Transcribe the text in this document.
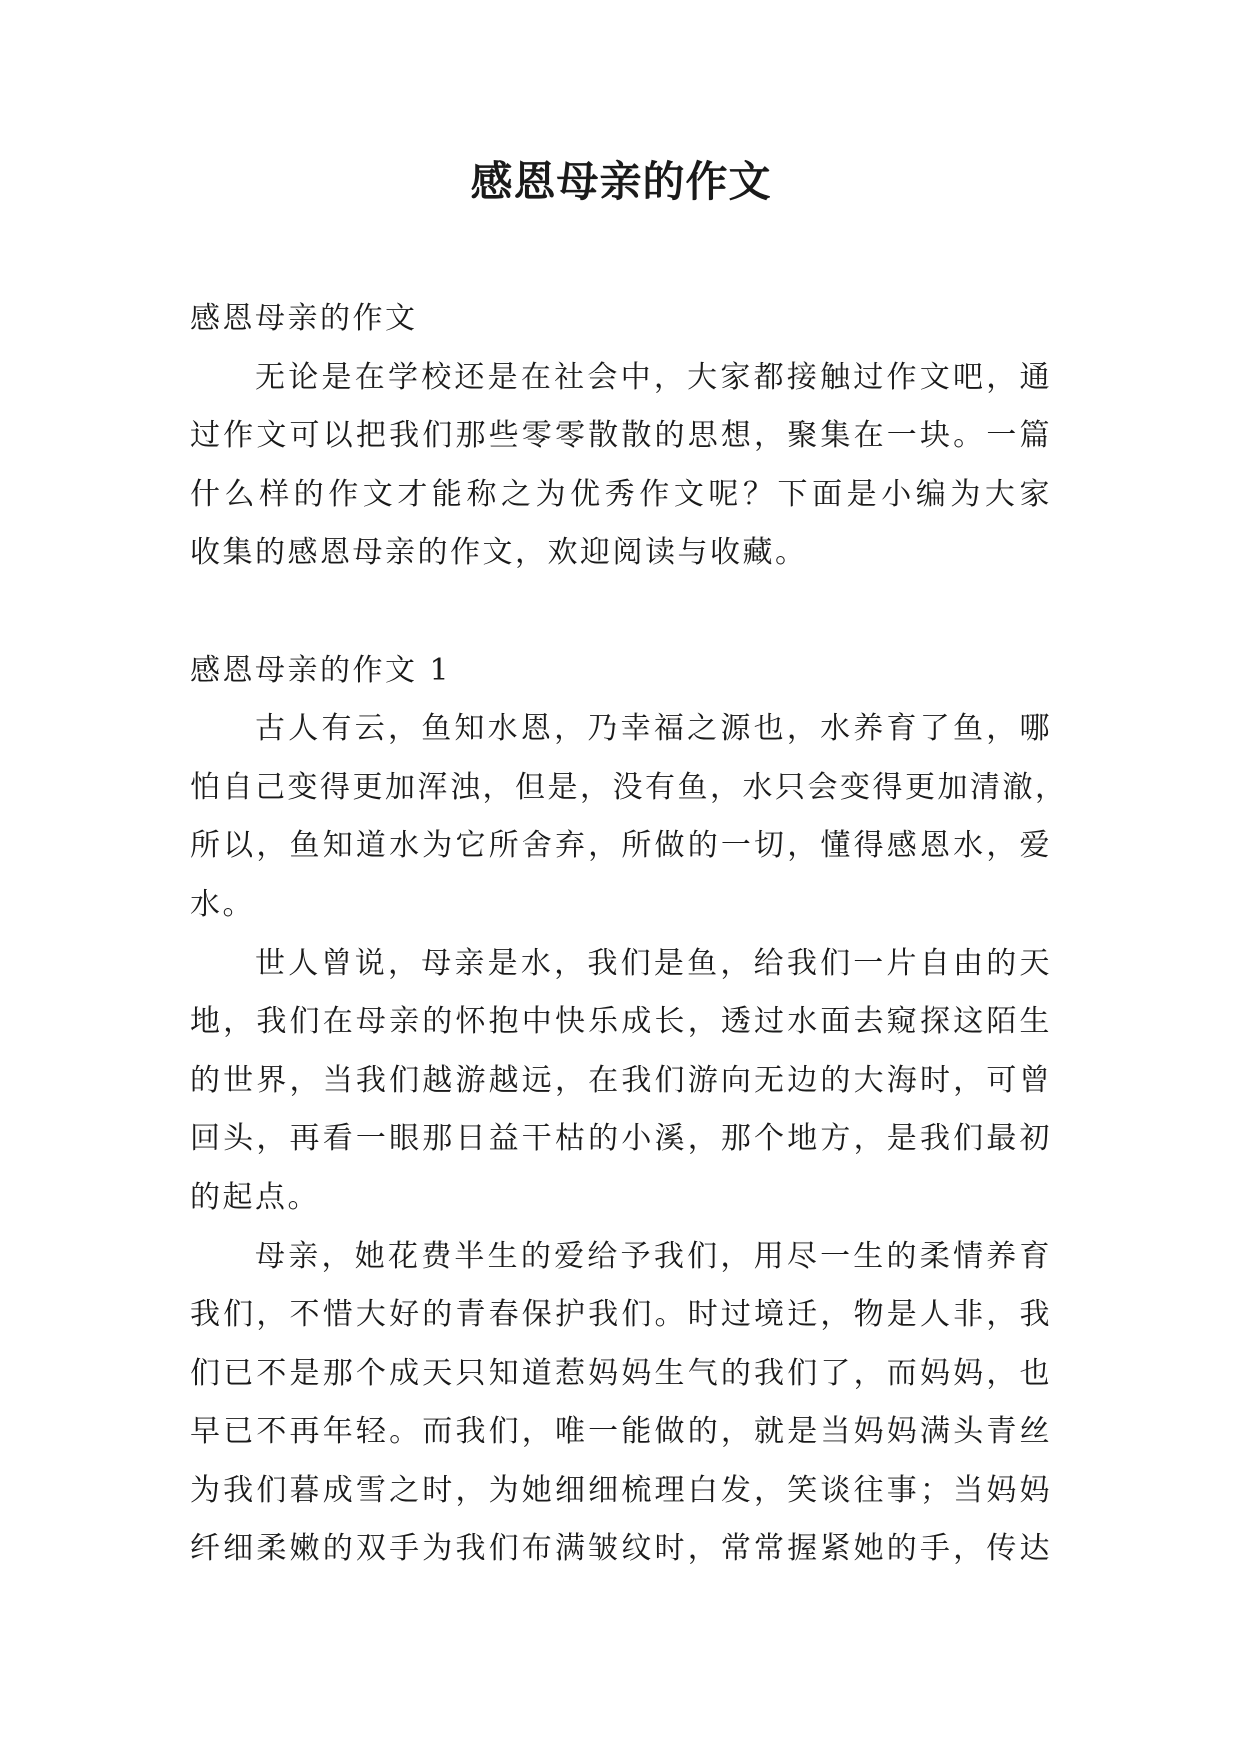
感恩母亲的作文
感恩母亲的作文
无论是在学校还是在社会中，大家都接触过作文吧，通
过作文可以把我们那些零零散散的思想，聚集在一块。一篇
什么样的作文才能称之为优秀作文呢？下面是小编为大家
收集的感恩母亲的作文，欢迎阅读与收藏。
感恩母亲的作文 1
古人有云，鱼知水恩，乃幸福之源也，水养育了鱼，哪
怕自己变得更加浑浊，但是，没有鱼，水只会变得更加清澈，
所以，鱼知道水为它所舍弃，所做的一切，懂得感恩水，爱
水。
世人曾说，母亲是水，我们是鱼，给我们一片自由的天
地，我们在母亲的怀抱中快乐成长，透过水面去窥探这陌生
的世界，当我们越游越远，在我们游向无边的大海时，可曾
回头，再看一眼那日益干枯的小溪，那个地方，是我们最初
的起点。
母亲，她花费半生的爱给予我们，用尽一生的柔情养育
我们，不惜大好的青春保护我们。时过境迁，物是人非，我
们已不是那个成天只知道惹妈妈生气的我们了，而妈妈，也
早已不再年轻。而我们，唯一能做的，就是当妈妈满头青丝
为我们暮成雪之时，为她细细梳理白发，笑谈往事；当妈妈
纤细柔嫩的双手为我们布满皱纹时，常常握紧她的手，传达
